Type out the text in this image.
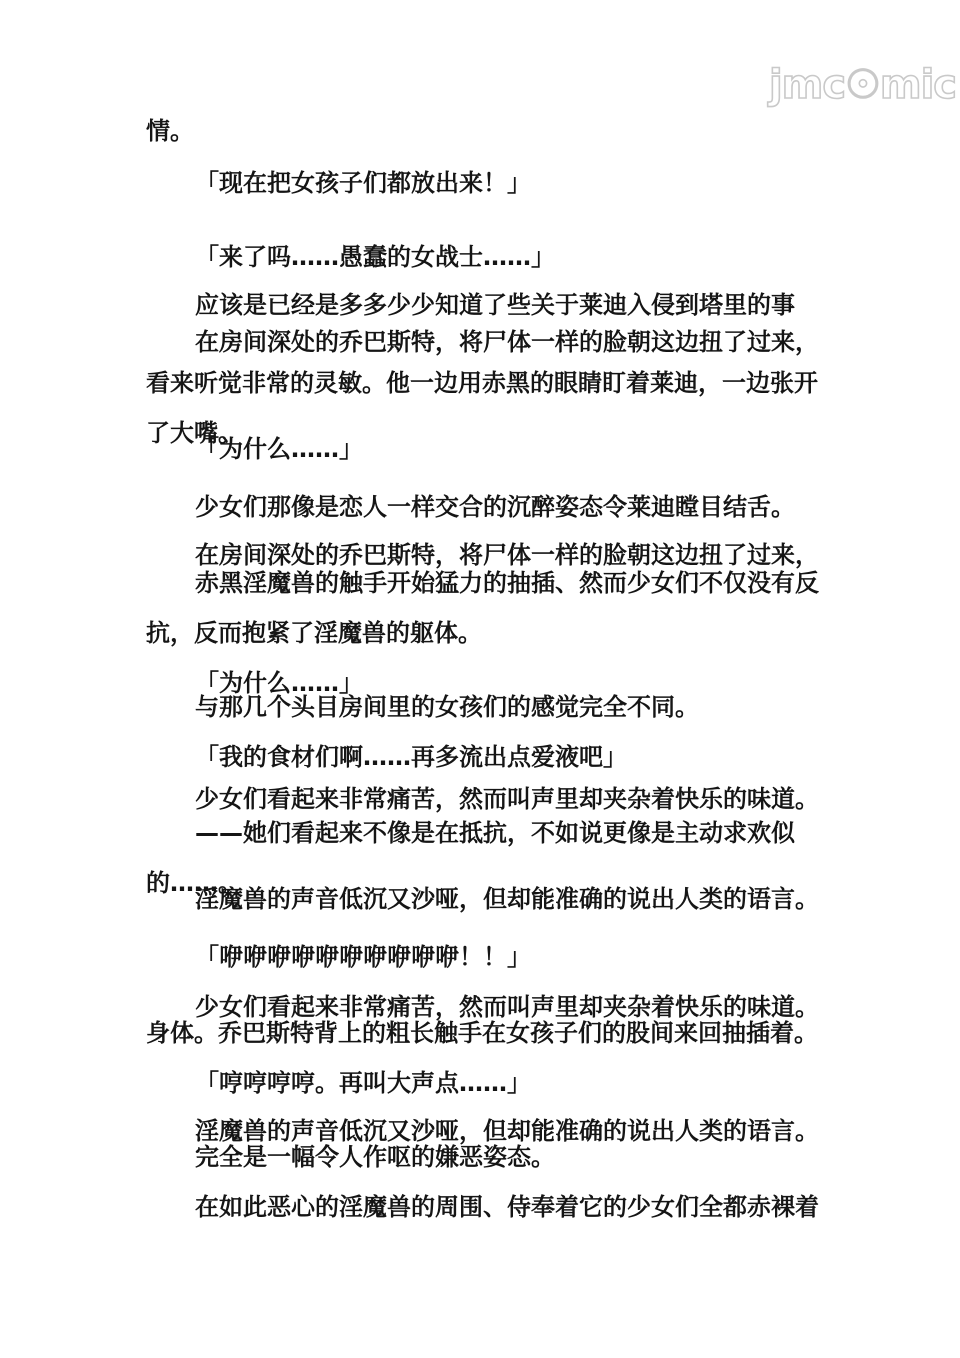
jmc☉mic
在房间深处的乔巴斯特，将尸体一样的脸朝这边扭了过来，
情。
「现在把女孩子们都放出来！」
「来了吗……愚蠢的女战士……」
应该是已经是多多少少知道了些关于莱迪入侵到塔里的事
看来听觉非常的灵敏。他一边用赤黑的眼睛盯着莱迪，一边张开
了大嘴。
「为什么……」
少女们那像是恋人一样交合的沉醉姿态令莱迪瞠目结舌。
在房间深处的乔巴斯特，将尸体一样的脸朝这边扭了过来，
赤黑淫魔兽的触手开始猛力的抽插、然而少女们不仅没有反
抗，反而抱紧了淫魔兽的躯体。
「为什么……」
与那几个头目房间里的女孩们的感觉完全不同。
「我的食材们啊……再多流出点爱液吧」
少女们看起来非常痛苦，然而叫声里却夹杂着快乐的味道。
——她们看起来不像是在抵抗，不如说更像是主动求欢似
的……。
淫魔兽的声音低沉又沙哑，但却能准确的说出人类的语言。
「咿咿咿咿咿咿咿咿咿咿！！」
少女们看起来非常痛苦，然而叫声里却夹杂着快乐的味道。
身体。乔巴斯特背上的粗长触手在女孩子们的股间来回抽插着。
「哼哼哼哼。再叫大声点……」
淫魔兽的声音低沉又沙哑，但却能准确的说出人类的语言。
完全是一幅令人作呕的嫌恶姿态。
在如此恶心的淫魔兽的周围、侍奉着它的少女们全都赤裸着
